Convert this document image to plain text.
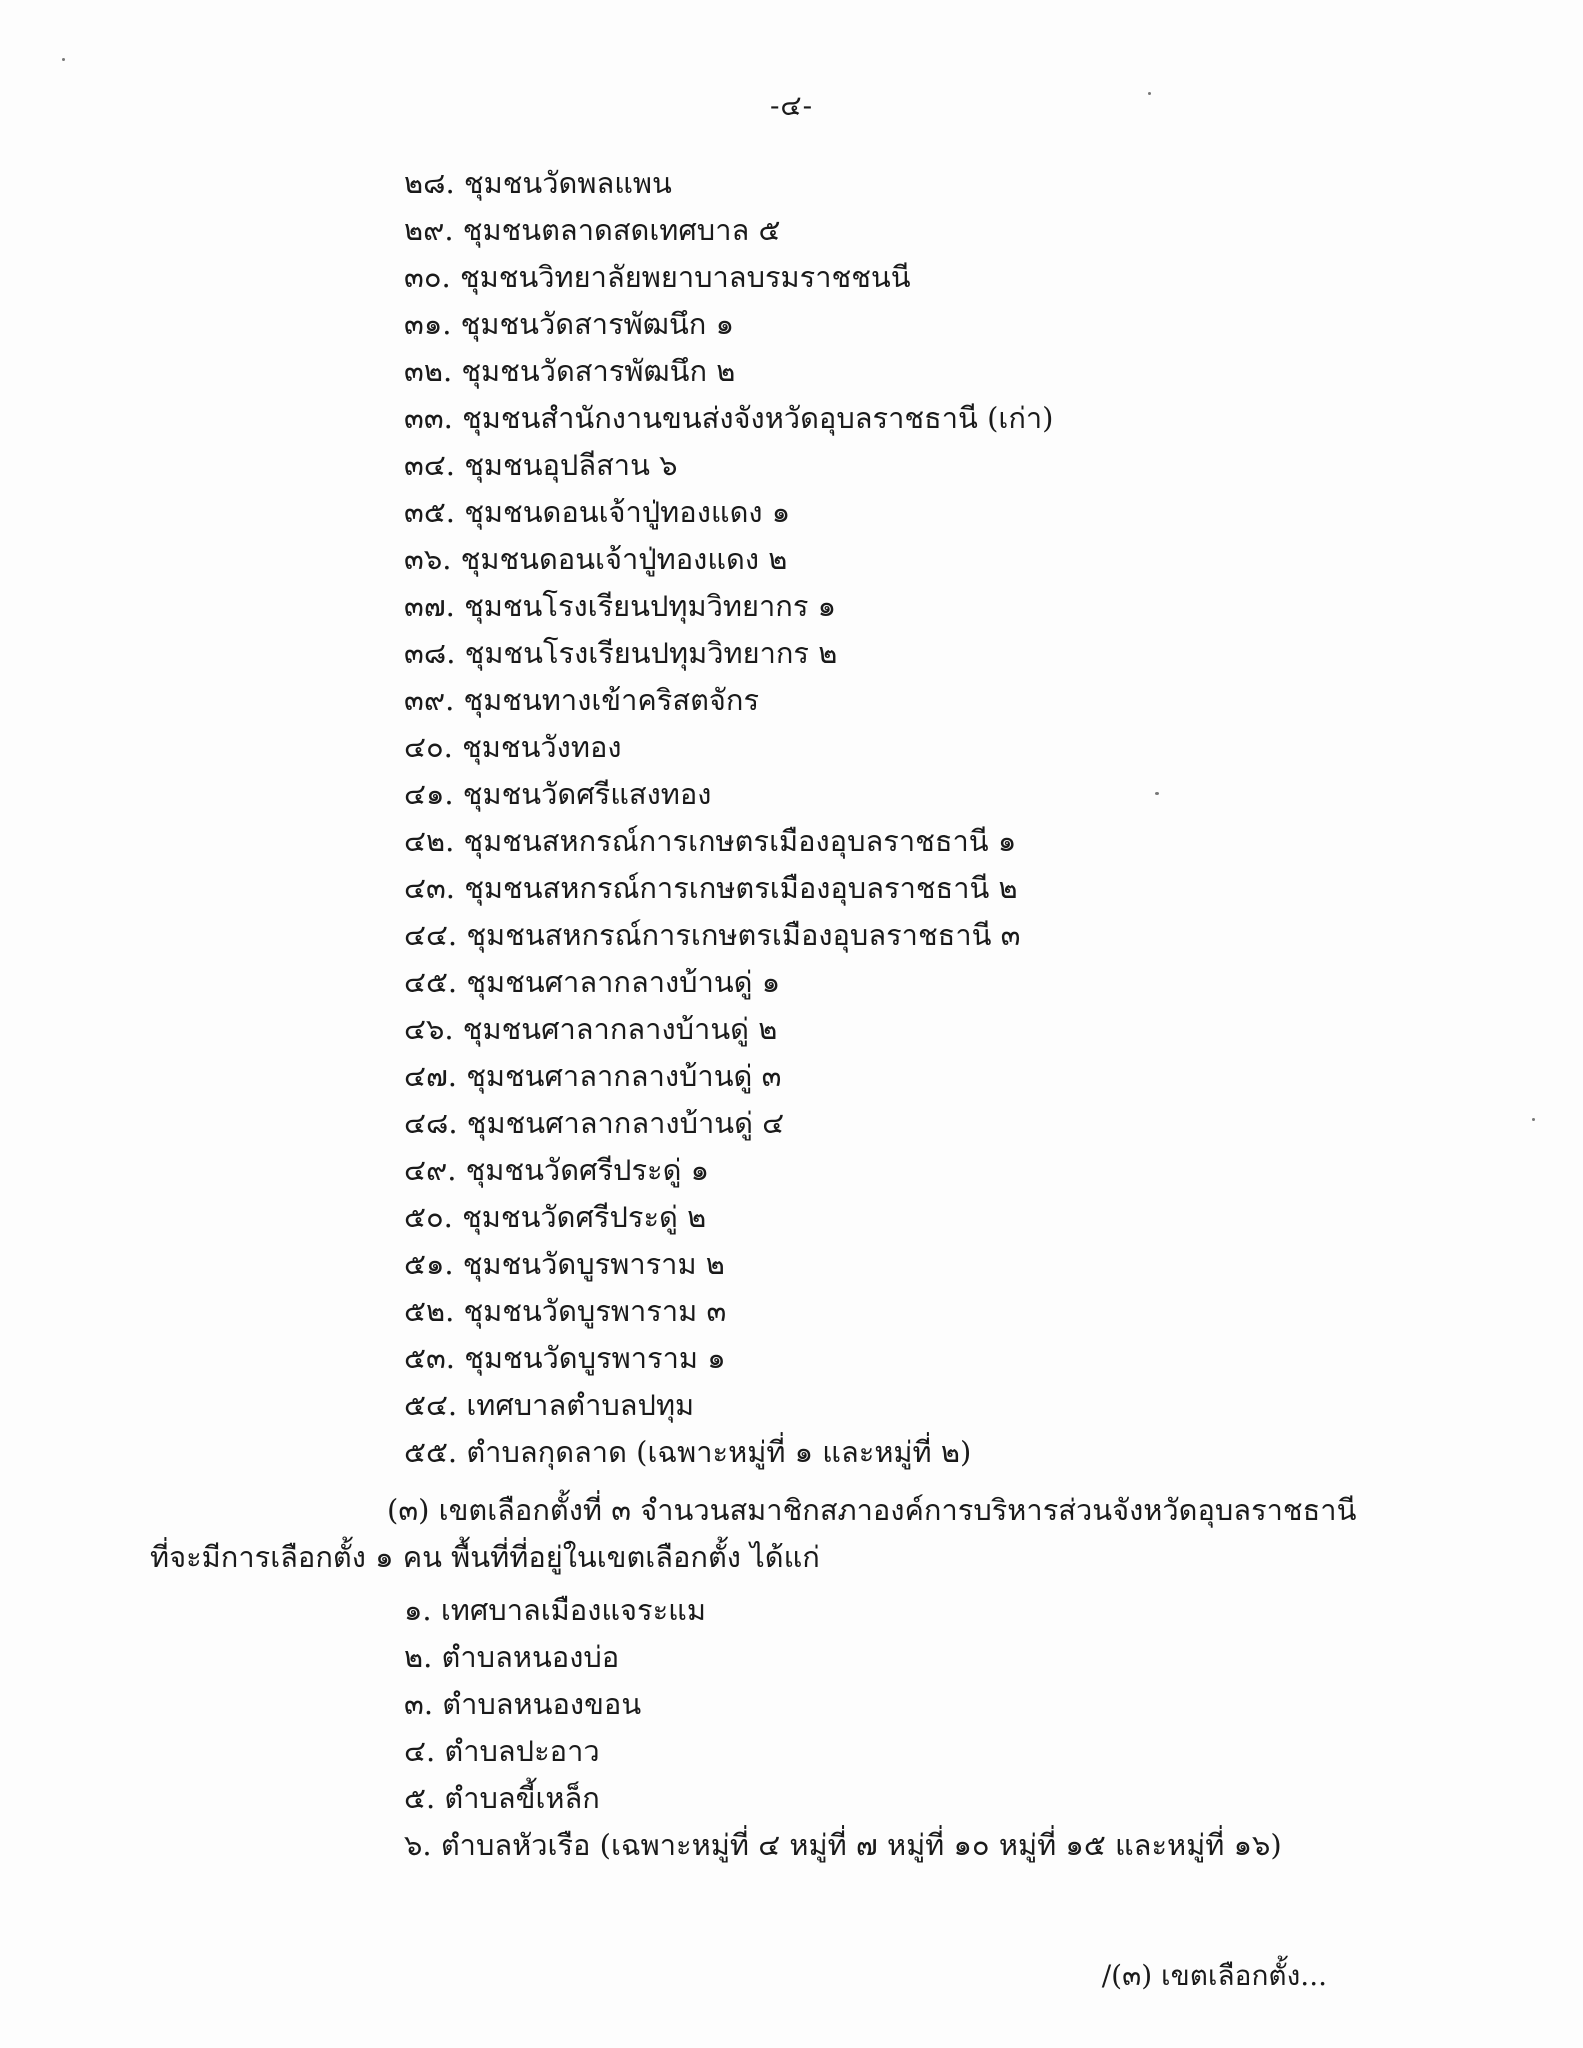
-๔-
๒๘. ชุมชนวัดพลแพน
๒๙. ชุมชนตลาดสดเทศบาล ๕
๓๐. ชุมชนวิทยาลัยพยาบาลบรมราชชนนี
๓๑. ชุมชนวัดสารพัฒนึก ๑
๓๒. ชุมชนวัดสารพัฒนึก ๒
๓๓. ชุมชนสำนักงานขนส่งจังหวัดอุบลราชธานี (เก่า)
๓๔. ชุมชนอุปลีสาน ๖
๓๕. ชุมชนดอนเจ้าปู่ทองแดง ๑
๓๖. ชุมชนดอนเจ้าปู่ทองแดง ๒
๓๗. ชุมชนโรงเรียนปทุมวิทยากร ๑
๓๘. ชุมชนโรงเรียนปทุมวิทยากร ๒
๓๙. ชุมชนทางเข้าคริสตจักร
๔๐. ชุมชนวังทอง
๔๑. ชุมชนวัดศรีแสงทอง
๔๒. ชุมชนสหกรณ์การเกษตรเมืองอุบลราชธานี ๑
๔๓. ชุมชนสหกรณ์การเกษตรเมืองอุบลราชธานี ๒
๔๔. ชุมชนสหกรณ์การเกษตรเมืองอุบลราชธานี ๓
๔๕. ชุมชนศาลากลางบ้านดู่ ๑
๔๖. ชุมชนศาลากลางบ้านดู่ ๒
๔๗. ชุมชนศาลากลางบ้านดู่ ๓
๔๘. ชุมชนศาลากลางบ้านดู่ ๔
๔๙. ชุมชนวัดศรีประดู่ ๑
๕๐. ชุมชนวัดศรีประดู่ ๒
๕๑. ชุมชนวัดบูรพาราม ๒
๕๒. ชุมชนวัดบูรพาราม ๓
๕๓. ชุมชนวัดบูรพาราม ๑
๕๔. เทศบาลตำบลปทุม
๕๕. ตำบลกุดลาด (เฉพาะหมู่ที่ ๑ และหมู่ที่ ๒)
(๓) เขตเลือกตั้งที่ ๓ จำนวนสมาชิกสภาองค์การบริหารส่วนจังหวัดอุบลราชธานี
ที่จะมีการเลือกตั้ง ๑ คน พื้นที่ที่อยู่ในเขตเลือกตั้ง ได้แก่
๑. เทศบาลเมืองแจระแม
๒. ตำบลหนองบ่อ
๓. ตำบลหนองขอน
๔. ตำบลปะอาว
๕. ตำบลขี้เหล็ก
๖. ตำบลหัวเรือ (เฉพาะหมู่ที่ ๔ หมู่ที่ ๗ หมู่ที่ ๑๐ หมู่ที่ ๑๕ และหมู่ที่ ๑๖)
/(๓) เขตเลือกตั้ง...
